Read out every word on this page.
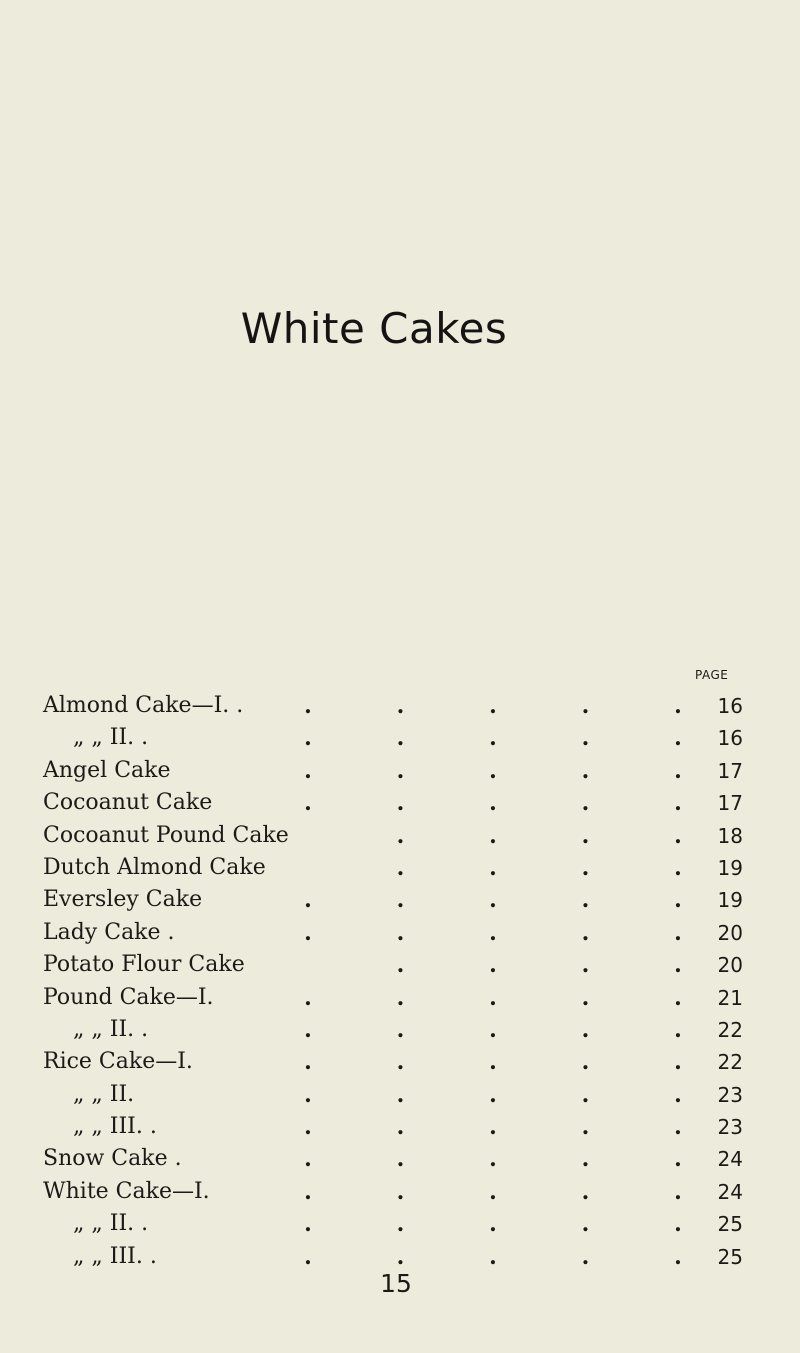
White Cakes
PAGE
Almond Cake—I. .	.	.	.	.	.	16
„ „ II. .	.	.	.	.	.	16
Angel Cake	.	.	.	.	.	17
Cocoanut Cake	.	.	.	.	.	17
Cocoanut Pound Cake	.	.	.	.	18
Dutch Almond Cake	.	.	.	.	19
Eversley Cake	.	.	.	.	.	19
Lady Cake .	.	.	.	.	.	20
Potato Flour Cake	.	.	.	.	20
Pound Cake—I.	.	.	.	.	.	21
„ „ II. .	.	.	.	.	.	22
Rice Cake—I.	.	.	.	.	.	22
„ „ II.	.	.	.	.	.	23
„ „ III. .	.	.	.	.	.	23
Snow Cake .	.	.	.	.	.	24
White Cake—I.	.	.	.	.	.	24
„ „ II. .	.	.	.	.	.	25
„ „ III. .	.	.	.	.	.	25
15
